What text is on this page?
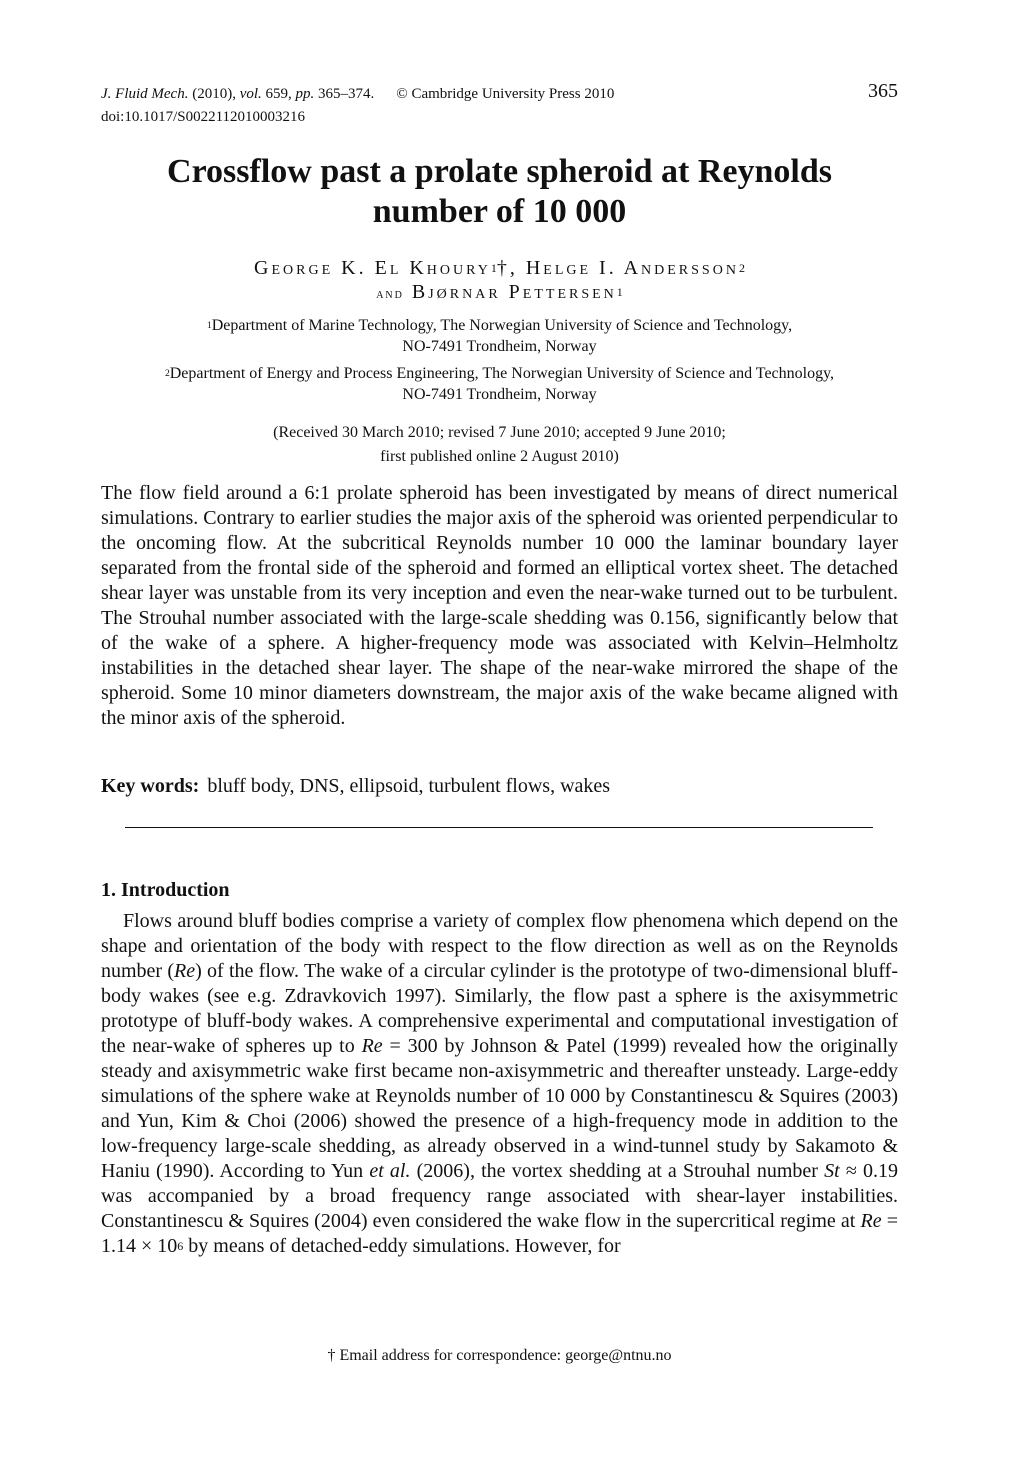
J. Fluid Mech. (2010), vol. 659, pp. 365–374. © Cambridge University Press 2010
doi:10.1017/S0022112010003216
365
Crossflow past a prolate spheroid at Reynolds
number of 10 000
George K. El Khoury$^1$†, Helge I. Andersson$^2$
and Bjørnar Pettersen$^1$
$^1$Department of Marine Technology, The Norwegian University of Science and Technology,
NO-7491 Trondheim, Norway
$^2$Department of Energy and Process Engineering, The Norwegian University of Science and Technology,
NO-7491 Trondheim, Norway
(Received 30 March 2010; revised 7 June 2010; accepted 9 June 2010;
first published online 2 August 2010)

The flow field around a 6:1 prolate spheroid has been investigated by means of direct numerical simulations. Contrary to earlier studies the major axis of the spheroid was oriented perpendicular to the oncoming flow. At the subcritical Reynolds number 10 000 the laminar boundary layer separated from the frontal side of the spheroid and formed an elliptical vortex sheet. The detached shear layer was unstable from its very inception and even the near-wake turned out to be turbulent. The Strouhal number associated with the large-scale shedding was 0.156, significantly below that of the wake of a sphere. A higher-frequency mode was associated with Kelvin–Helmholtz instabilities in the detached shear layer. The shape of the near-wake mirrored the shape of the spheroid. Some 10 minor diameters downstream, the major axis of the wake became aligned with the minor axis of the spheroid.

Key words: bluff body, DNS, ellipsoid, turbulent flows, wakes

1. Introduction

Flows around bluff bodies comprise a variety of complex flow phenomena which depend on the shape and orientation of the body with respect to the flow direction as well as on the Reynolds number (Re) of the flow. The wake of a circular cylinder is the prototype of two-dimensional bluff-body wakes (see e.g. Zdravkovich 1997). Similarly, the flow past a sphere is the axisymmetric prototype of bluff-body wakes. A comprehensive experimental and computational investigation of the near-wake of spheres up to Re = 300 by Johnson & Patel (1999) revealed how the originally steady and axisymmetric wake first became non-axisymmetric and thereafter unsteady. Large-eddy simulations of the sphere wake at Reynolds number of 10 000 by Constantinescu & Squires (2003) and Yun, Kim & Choi (2006) showed the presence of a high-frequency mode in addition to the low-frequency large-scale shedding, as already observed in a wind-tunnel study by Sakamoto & Haniu (1990). According to Yun et al. (2006), the vortex shedding at a Strouhal number St ≈ 0.19 was accompanied by a broad frequency range associated with shear-layer instabilities. Constantinescu & Squires (2004) even considered the wake flow in the supercritical regime at $Re = 1.14 \times 10^6$ by means of detached-eddy simulations. However, for

† Email address for correspondence: george@ntnu.no
